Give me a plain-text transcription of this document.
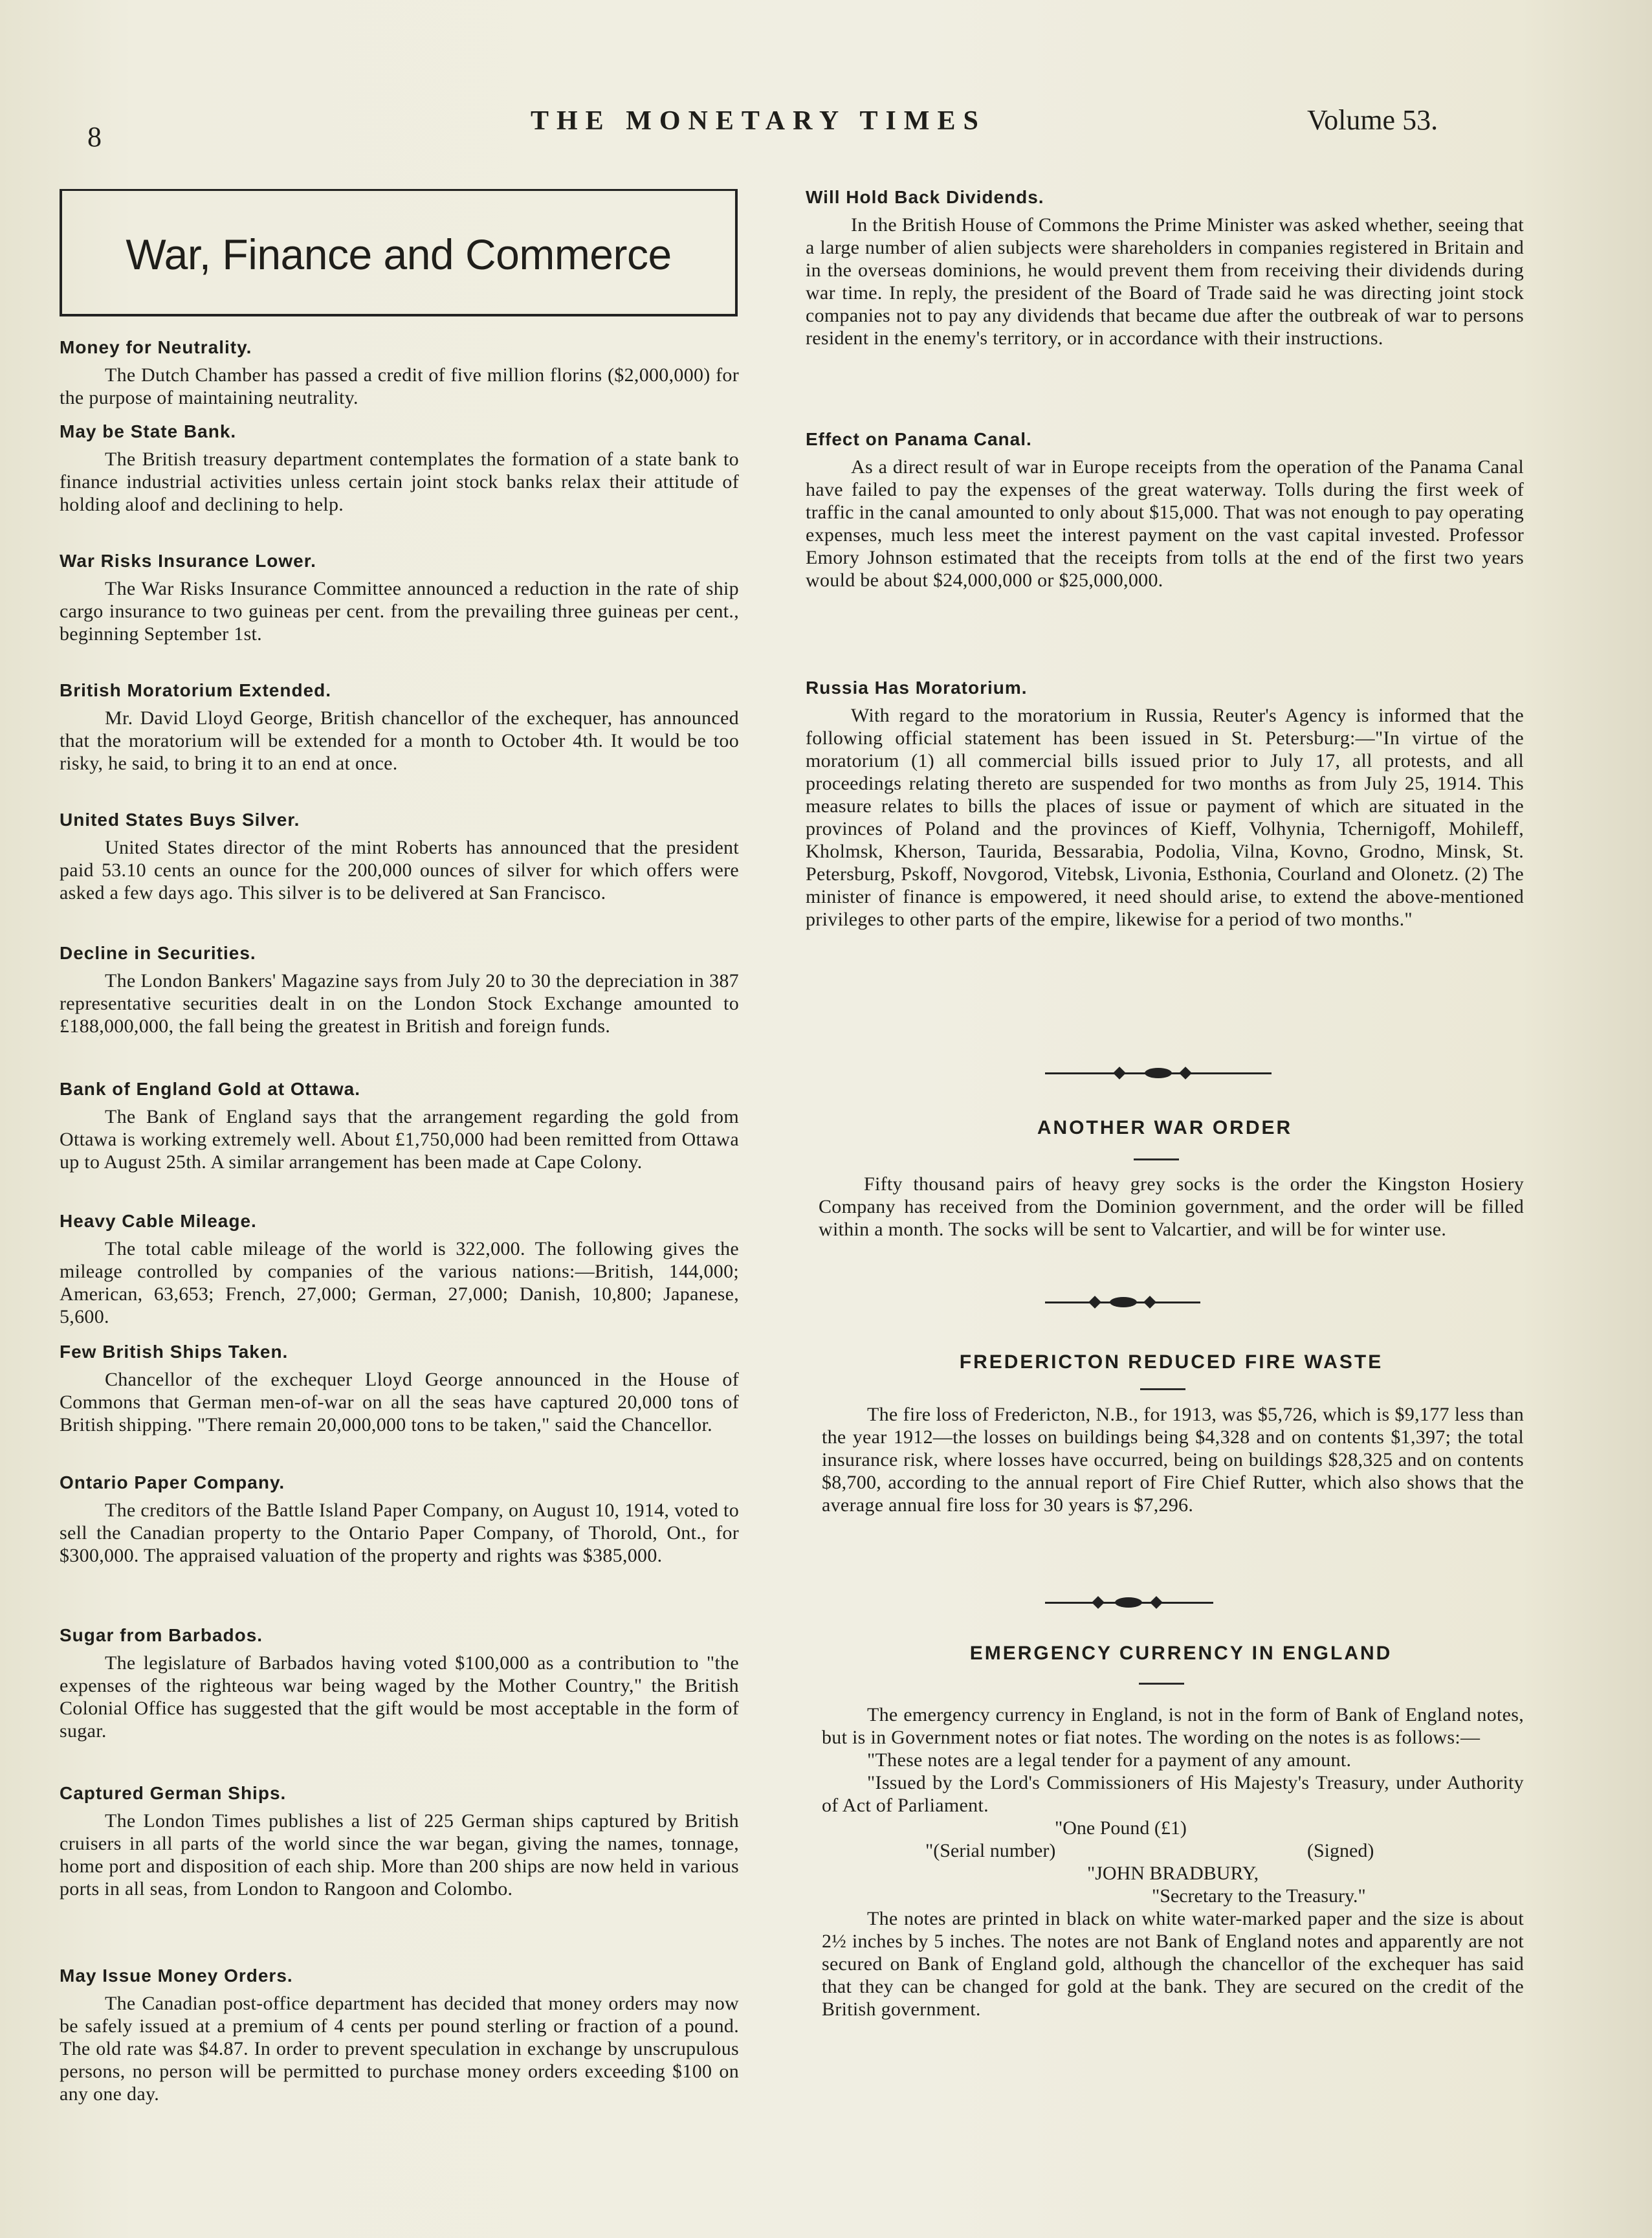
8	THE MONETARY TIMES	Volume 53.
War, Finance and Commerce

Money for Neutrality.

The Dutch Chamber has passed a credit of five million florins ($2,000,000) for the purpose of maintaining neutrality.

May be State Bank.

The British treasury department contemplates the formation of a state bank to finance industrial activities unless certain joint stock banks relax their attitude of holding aloof and declining to help.

War Risks Insurance Lower.

The War Risks Insurance Committee announced a reduction in the rate of ship cargo insurance to two guineas per cent. from the prevailing three guineas per cent., beginning September 1st.

British Moratorium Extended.

Mr. David Lloyd George, British chancellor of the exchequer, has announced that the moratorium will be extended for a month to October 4th. It would be too risky, he said, to bring it to an end at once.

United States Buys Silver.

United States director of the mint Roberts has announced that the president paid 53.10 cents an ounce for the 200,000 ounces of silver for which offers were asked a few days ago. This silver is to be delivered at San Francisco.

Decline in Securities.

The London Bankers' Magazine says from July 20 to 30 the depreciation in 387 representative securities dealt in on the London Stock Exchange amounted to £188,000,000, the fall being the greatest in British and foreign funds.

Bank of England Gold at Ottawa.

The Bank of England says that the arrangement regarding the gold from Ottawa is working extremely well. About £1,750,000 had been remitted from Ottawa up to August 25th. A similar arrangement has been made at Cape Colony.

Heavy Cable Mileage.

The total cable mileage of the world is 322,000. The following gives the mileage controlled by companies of the various nations:—British, 144,000; American, 63,653; French, 27,000; German, 27,000; Danish, 10,800; Japanese, 5,600.

Few British Ships Taken.

Chancellor of the exchequer Lloyd George announced in the House of Commons that German men-of-war on all the seas have captured 20,000 tons of British shipping. "There remain 20,000,000 tons to be taken," said the Chancellor.

Ontario Paper Company.

The creditors of the Battle Island Paper Company, on August 10, 1914, voted to sell the Canadian property to the Ontario Paper Company, of Thorold, Ont., for $300,000. The appraised valuation of the property and rights was $385,000.

Sugar from Barbados.

The legislature of Barbados having voted $100,000 as a contribution to "the expenses of the righteous war being waged by the Mother Country," the British Colonial Office has suggested that the gift would be most acceptable in the form of sugar.

Captured German Ships.

The London Times publishes a list of 225 German ships captured by British cruisers in all parts of the world since the war began, giving the names, tonnage, home port and disposition of each ship. More than 200 ships are now held in various ports in all seas, from London to Rangoon and Colombo.

May Issue Money Orders.

The Canadian post-office department has decided that money orders may now be safely issued at a premium of 4 cents per pound sterling or fraction of a pound. The old rate was $4.87. In order to prevent speculation in exchange by unscrupulous persons, no person will be permitted to purchase money orders exceeding $100 on any one day.

Will Hold Back Dividends.

In the British House of Commons the Prime Minister was asked whether, seeing that a large number of alien subjects were shareholders in companies registered in Britain and in the overseas dominions, he would prevent them from receiving their dividends during war time. In reply, the president of the Board of Trade said he was directing joint stock companies not to pay any dividends that became due after the outbreak of war to persons resident in the enemy's territory, or in accordance with their instructions.

Effect on Panama Canal.

As a direct result of war in Europe receipts from the operation of the Panama Canal have failed to pay the expenses of the great waterway. Tolls during the first week of traffic in the canal amounted to only about $15,000. That was not enough to pay operating expenses, much less meet the interest payment on the vast capital invested. Professor Emory Johnson estimated that the receipts from tolls at the end of the first two years would be about $24,000,000 or $25,000,000.

Russia Has Moratorium.

With regard to the moratorium in Russia, Reuter's Agency is informed that the following official statement has been issued in St. Petersburg:—"In virtue of the moratorium (1) all commercial bills issued prior to July 17, all protests, and all proceedings relating thereto are suspended for two months as from July 25, 1914. This measure relates to bills the places of issue or payment of which are situated in the provinces of Poland and the provinces of Kieff, Volhynia, Tchernigoff, Mohileff, Kholmsk, Kherson, Taurida, Bessarabia, Podolia, Vilna, Kovno, Grodno, Minsk, St. Petersburg, Pskoff, Novgorod, Vitebsk, Livonia, Esthonia, Courland and Olonetz. (2) The minister of finance is empowered, it need should arise, to extend the above-mentioned privileges to other parts of the empire, likewise for a period of two months."

ANOTHER WAR ORDER

Fifty thousand pairs of heavy grey socks is the order the Kingston Hosiery Company has received from the Dominion government, and the order will be filled within a month. The socks will be sent to Valcartier, and will be for winter use.

FREDERICTON REDUCED FIRE WASTE

The fire loss of Fredericton, N.B., for 1913, was $5,726, which is $9,177 less than the year 1912—the losses on buildings being $4,328 and on contents $1,397; the total insurance risk, where losses have occurred, being on buildings $28,325 and on contents $8,700, according to the annual report of Fire Chief Rutter, which also shows that the average annual fire loss for 30 years is $7,296.

EMERGENCY CURRENCY IN ENGLAND

The emergency currency in England, is not in the form of Bank of England notes, but is in Government notes or fiat notes. The wording on the notes is as follows:—

"These notes are a legal tender for a payment of any amount.

"Issued by the Lord's Commissioners of His Majesty's Treasury, under Authority of Act of Parliament.

"One Pound (£1)

"(Serial number)	(Signed)

"JOHN BRADBURY,

"Secretary to the Treasury."

The notes are printed in black on white water-marked paper and the size is about 2½ inches by 5 inches. The notes are not Bank of England notes and apparently are not secured on Bank of England gold, although the chancellor of the exchequer has said that they can be changed for gold at the bank. They are secured on the credit of the British government.
